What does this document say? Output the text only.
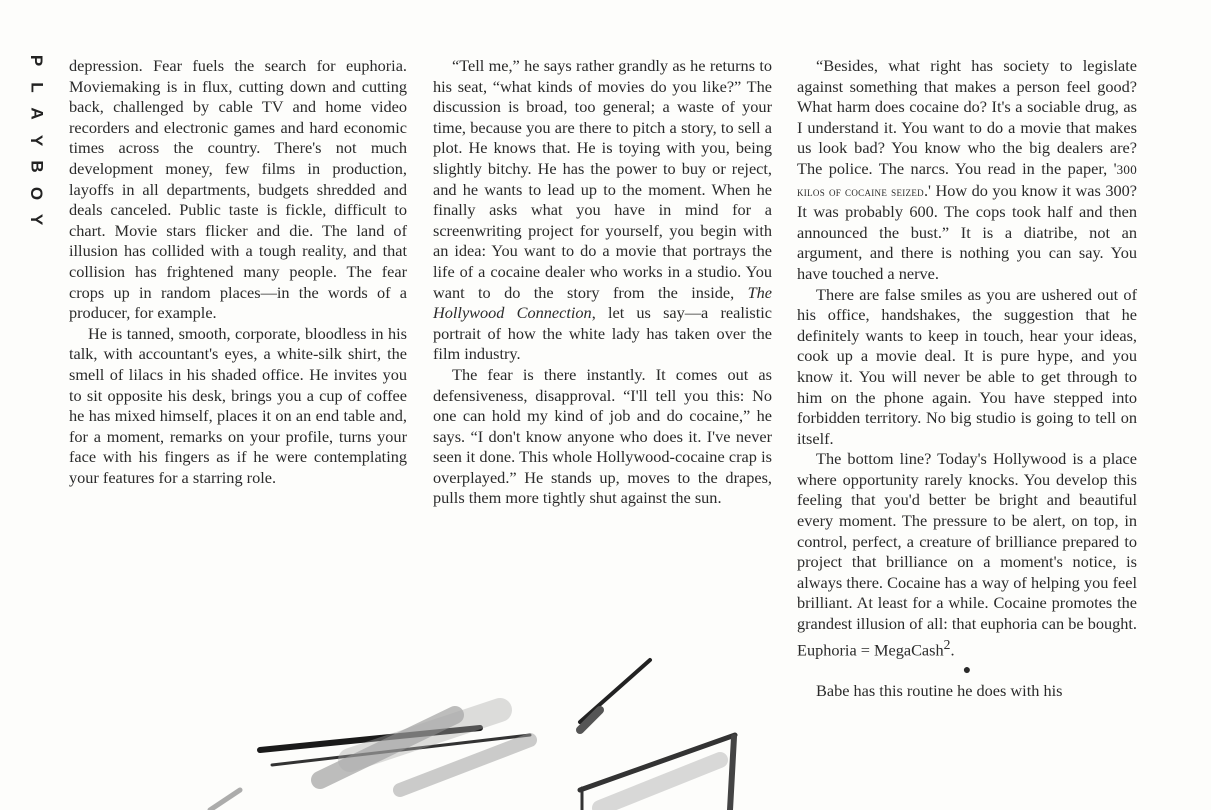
P
L
A
Y
B
O
Y

depression. Fear fuels the search for euphoria. Moviemaking is in flux, cutting down and cutting back, challenged by cable TV and home video recorders and electronic games and hard economic times across the country. There's not much development money, few films in production, layoffs in all departments, budgets shredded and deals canceled. Public taste is fickle, difficult to chart. Movie stars flicker and die. The land of illusion has collided with a tough reality, and that collision has frightened many people. The fear crops up in random places—in the words of a producer, for example.

He is tanned, smooth, corporate, bloodless in his talk, with accountant's eyes, a white-silk shirt, the smell of lilacs in his shaded office. He invites you to sit opposite his desk, brings you a cup of coffee he has mixed himself, places it on an end table and, for a moment, remarks on your profile, turns your face with his fingers as if he were contemplating your features for a starring role.

“Tell me,” he says rather grandly as he returns to his seat, “what kinds of movies do you like?” The discussion is broad, too general; a waste of your time, because you are there to pitch a story, to sell a plot. He knows that. He is toying with you, being slightly bitchy. He has the power to buy or reject, and he wants to lead up to the moment. When he finally asks what you have in mind for a screenwriting project for yourself, you begin with an idea: You want to do a movie that portrays the life of a cocaine dealer who works in a studio. You want to do the story from the inside, The Hollywood Connection, let us say—a realistic portrait of how the white lady has taken over the film industry.

The fear is there instantly. It comes out as defensiveness, disapproval. “I'll tell you this: No one can hold my kind of job and do cocaine,” he says. “I don't know anyone who does it. I've never seen it done. This whole Hollywood-cocaine crap is overplayed.” He stands up, moves to the drapes, pulls them more tightly shut against the sun.

“Besides, what right has society to legislate against something that makes a person feel good? What harm does cocaine do? It's a sociable drug, as I understand it. You want to do a movie that makes us look bad? You know who the big dealers are? The police. The narcs. You read in the paper, '300 kilos of cocaine seized.' How do you know it was 300? It was probably 600. The cops took half and then announced the bust.” It is a diatribe, not an argument, and there is nothing you can say. You have touched a nerve.

There are false smiles as you are ushered out of his office, handshakes, the suggestion that he definitely wants to keep in touch, hear your ideas, cook up a movie deal. It is pure hype, and you know it. You will never be able to get through to him on the phone again. You have stepped into forbidden territory. No big studio is going to tell on itself.

The bottom line? Today's Hollywood is a place where opportunity rarely knocks. You develop this feeling that you'd better be bright and beautiful every moment. The pressure to be alert, on top, in control, perfect, a creature of brilliance prepared to project that brilliance on a moment's notice, is always there. Cocaine has a way of helping you feel brilliant. At least for a while. Cocaine promotes the grandest illusion of all: that euphoria can be bought. Euphoria = MegaCash$^2$.

●

Babe has this routine he does with his
